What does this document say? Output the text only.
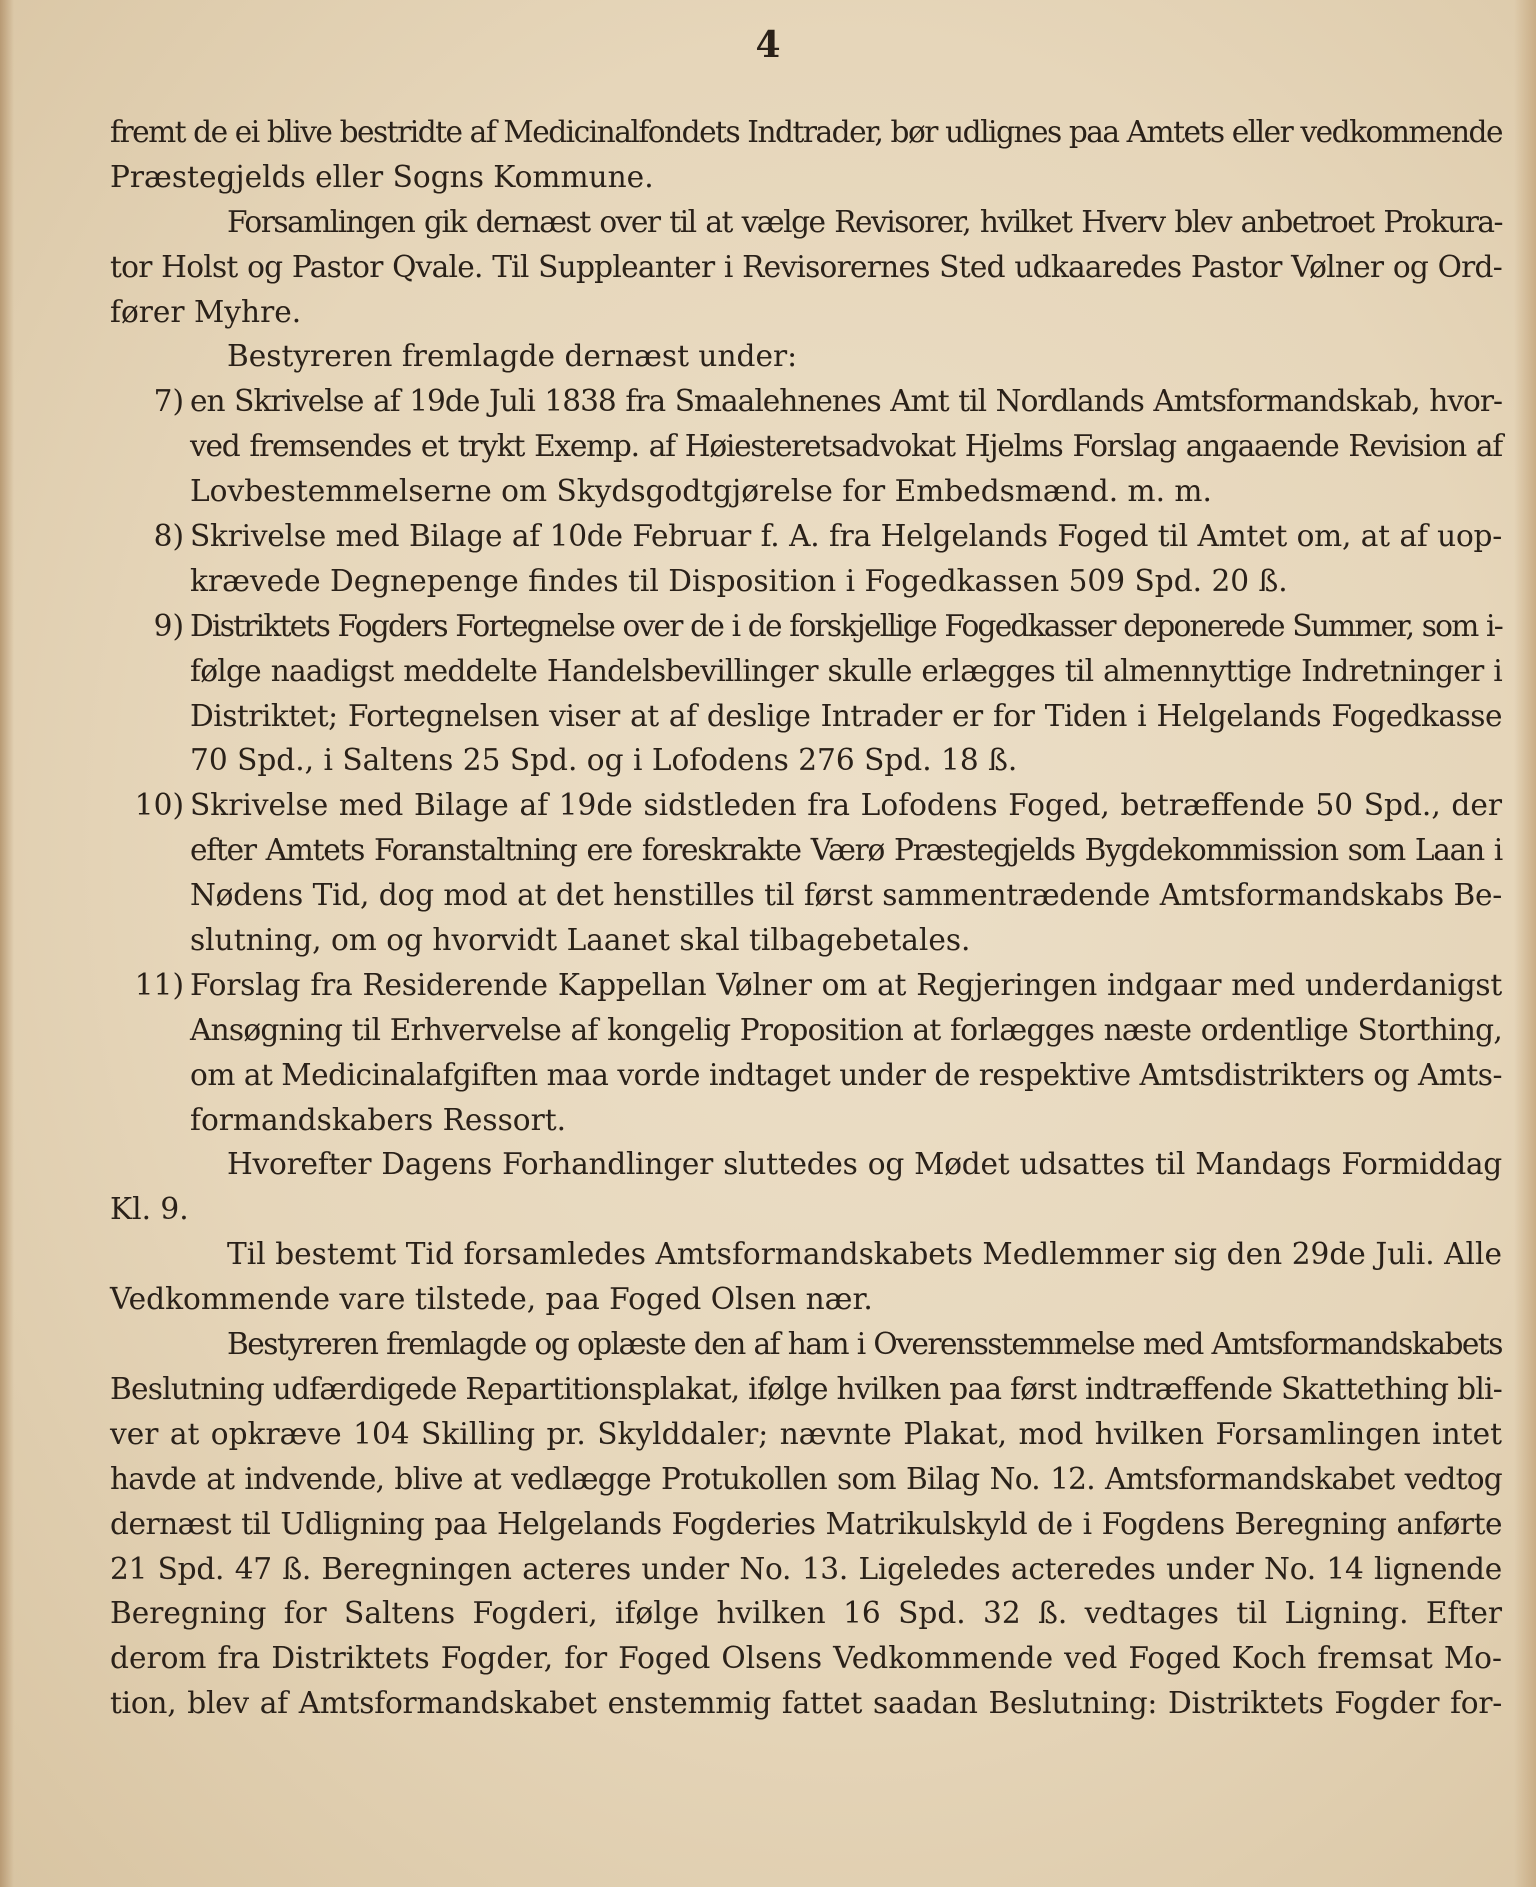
4
fremt de ei blive bestridte af Medicinalfondets Indtrader, bør udlignes paa Amtets eller vedkommende
Præstegjelds eller Sogns Kommune.
Forsamlingen gik dernæst over til at vælge Revisorer, hvilket Hverv blev anbetroet Prokura-
tor Holst og Pastor Qvale. Til Suppleanter i Revisorernes Sted udkaaredes Pastor Vølner og Ord-
fører Myhre.
Bestyreren fremlagde dernæst under:
7) en Skrivelse af 19de Juli 1838 fra Smaalehnenes Amt til Nordlands Amtsformandskab, hvor-
ved fremsendes et trykt Exemp. af Høiesteretsadvokat Hjelms Forslag angaaende Revision af
Lovbestemmelserne om Skydsgodtgjørelse for Embedsmænd. m. m.
8) Skrivelse med Bilage af 10de Februar f. A. fra Helgelands Foged til Amtet om, at af uop-
krævede Degnepenge findes til Disposition i Fogedkassen 509 Spd. 20 ß.
9) Distriktets Fogders Fortegnelse over de i de forskjellige Fogedkasser deponerede Summer, som i-
følge naadigst meddelte Handelsbevillinger skulle erlægges til almennyttige Indretninger i
Distriktet; Fortegnelsen viser at af deslige Intrader er for Tiden i Helgelands Fogedkasse
70 Spd., i Saltens 25 Spd. og i Lofodens 276 Spd. 18 ß.
10) Skrivelse med Bilage af 19de sidstleden fra Lofodens Foged, betræffende 50 Spd., der
efter Amtets Foranstaltning ere foreskrakte Værø Præstegjelds Bygdekommission som Laan i
Nødens Tid, dog mod at det henstilles til først sammentrædende Amtsformandskabs Be-
slutning, om og hvorvidt Laanet skal tilbagebetales.
11) Forslag fra Residerende Kappellan Vølner om at Regjeringen indgaar med underdanigst
Ansøgning til Erhvervelse af kongelig Proposition at forlægges næste ordentlige Storthing,
om at Medicinalafgiften maa vorde indtaget under de respektive Amtsdistrikters og Amts-
formandskabers Ressort.
Hvorefter Dagens Forhandlinger sluttedes og Mødet udsattes til Mandags Formiddag
Kl. 9.
Til bestemt Tid forsamledes Amtsformandskabets Medlemmer sig den 29de Juli. Alle
Vedkommende vare tilstede, paa Foged Olsen nær.
Bestyreren fremlagde og oplæste den af ham i Overensstemmelse med Amtsformandskabets
Beslutning udfærdigede Repartitionsplakat, ifølge hvilken paa først indtræffende Skattething bli-
ver at opkræve 104 Skilling pr. Skylddaler; nævnte Plakat, mod hvilken Forsamlingen intet
havde at indvende, blive at vedlægge Protukollen som Bilag No. 12. Amtsformandskabet vedtog
dernæst til Udligning paa Helgelands Fogderies Matrikulskyld de i Fogdens Beregning anførte
21 Spd. 47 ß. Beregningen acteres under No. 13. Ligeledes acteredes under No. 14 lignende
Beregning for Saltens Fogderi, ifølge hvilken 16 Spd. 32 ß. vedtages til Ligning. Efter
derom fra Distriktets Fogder, for Foged Olsens Vedkommende ved Foged Koch fremsat Mo-
tion, blev af Amtsformandskabet enstemmig fattet saadan Beslutning: Distriktets Fogder for-
